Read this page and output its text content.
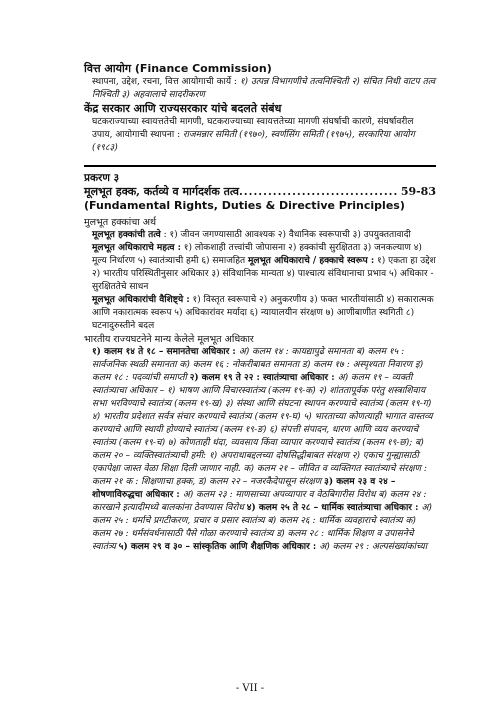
वित्त आयोग (Finance Commission)

स्थापना, उद्देश, रचना, वित्त आयोगाची कार्ये : १) उत्पन्न विभागणीचे तत्वनिश्चिती २) संचित निधी वाटप तत्व निश्चिती ३) अहवालाचे सादरीकरण

केंद्र सरकार आणि राज्यसरकार यांचे बदलते संबंध

घटकराज्याच्या स्वायत्ततेची मागणी, घटकराज्याच्या स्वायत्ततेच्या मागणी संघर्षाची कारणे, संघर्षावरील उपाय, आयोगाची स्थापना : राजमन्नार समिती (१९७०), स्वर्णसिंग समिती (१९७५), सरकारिया आयोग (१९८३)

प्रकरण ३

मूलभूत हक्क, कर्तव्ये व मार्गदर्शक तत्व
.....	59-83

(Fundamental Rights, Duties & Directive Principles)

मुलभूत हक्कांचा अर्थ

मूलभूत हक्कांची तत्वे : १) जीवन जगण्यासाठी आवश्यक २) वैधानिक स्वरूपाची ३) उपयुक्ततावादी मूलभूत अधिकाराचे महत्व : १) लोकशाही तत्त्वांची जोपासना २) हक्कांची सुरक्षितता ३) जनकल्याण ४) मूल्य निर्धारण ५) स्वातंत्र्याची हमी ६) समाजहित मूलभूत अधिकाराचे / हक्काचे स्वरूप : १) एकता हा उद्देश २) भारतीय परिस्थितीनुसार अधिकार ३) संविधानिक मान्यता ४) पाश्चात्य संविधानाचा प्रभाव ५) अधिकार - सुरक्षिततेचे साधन

मूलभूत अधिकारांची वैशिष्ट्ये : १) विस्तृत स्वरूपाचे २) अनुकरणीय ३) फक्त भारतीयांसाठी ४) सकारात्मक आणि नकारात्मक स्वरूप ५) अधिकारांवर मर्यादा ६) न्यायालयीन संरक्षण ७) आणीबाणीत स्थगिती ८) घटनादुरुस्तीने बदल

भारतीय राज्यघटनेने मान्य केलेले मूलभूत अधिकार

१) कलम १४ ते १८ – समानतेचा अधिकार : अ) कलम १४ : कायद्यापुढे समानता ब) कलम १५ : सार्वजनिक स्थळी समानता क) कलम १६ : नोकरीबाबत समानता ड) कलम १७ : अस्पृश्यता निवारण इ) कलम १८ : पदव्यांची समाप्ती २) कलम १९ ते २२ : स्वातंत्र्याचा अधिकार : अ) कलम १९ – व्यक्ती स्वातंत्र्याचा अधिकार – १) भाषण आणि विचारस्वातंत्र्य (कलम १९-क) २) शांततापूर्वक परंतु शस्त्राशिवाय सभा भरविण्याचे स्वातंत्र्य (कलम १९-ख) ३) संस्था आणि संघटना स्थापन करण्याचे स्वातंत्र्य (कलम १९-ग) ४) भारतीय प्रदेशात सर्वत्र संचार करण्याचे स्वातंत्र्य (कलम १९-घ) ५) भारताच्या कोणत्याही भागात वास्तव्य करण्याचे आणि स्थायी होण्याचे स्वातंत्र्य (कलम १९-ङ) ६) संपत्ती संपादन, धारण आणि व्यय करण्याचे स्वातंत्र्य (कलम १९-च) ७) कोणताही धंदा, व्यवसाय किंवा व्यापार करण्याचे स्वातंत्र्य (कलम १९-छ); ब) कलम २० – व्यक्तिस्वातंत्र्याची हमी: १) अपराधाबद्दलच्या दोषसिद्धीबाबत संरक्षण २) एकाच गुन्ह्यासाठी एकापेक्षा जास्त वेळा शिक्षा दिली जाणार नाही. क) कलम २१ – जीवित व व्यक्तिगत स्वातंत्र्याचे संरक्षण : कलम २१ क : शिक्षणाचा हक्क, ड) कलम २२ – नजरकैदेपासून संरक्षण ३) कलम २३ व २४ – शोषणाविरुद्धचा अधिकार : अ) कलम २३ : माणसाच्या अपव्यापार व वेठबिगारीस विरोध ब) कलम २४ : कारखाने इत्यादीमध्ये बालकांना ठेवण्यास विरोध ४) कलम २५ ते २८ – धार्मिक स्वातंत्र्याचा अधिकार : अ) कलम २५ : धर्माचे प्रगटीकरण, प्रचार व प्रसार स्वातंत्र्य ब) कलम २६ : धार्मिक व्यवहाराचे स्वातंत्र्य क) कलम २७ : धर्मसंवर्धनासाठी पैसे गोळा करण्याचे स्वातंत्र्य ड) कलम २८ : धार्मिक शिक्षण व उपासनेचे स्वातंत्र्य ५) कलम २९ व ३० – सांस्कृतिक आणि शैक्षणिक अधिकार : अ) कलम २९ : अल्पसंख्यांकांच्या

- VII -
